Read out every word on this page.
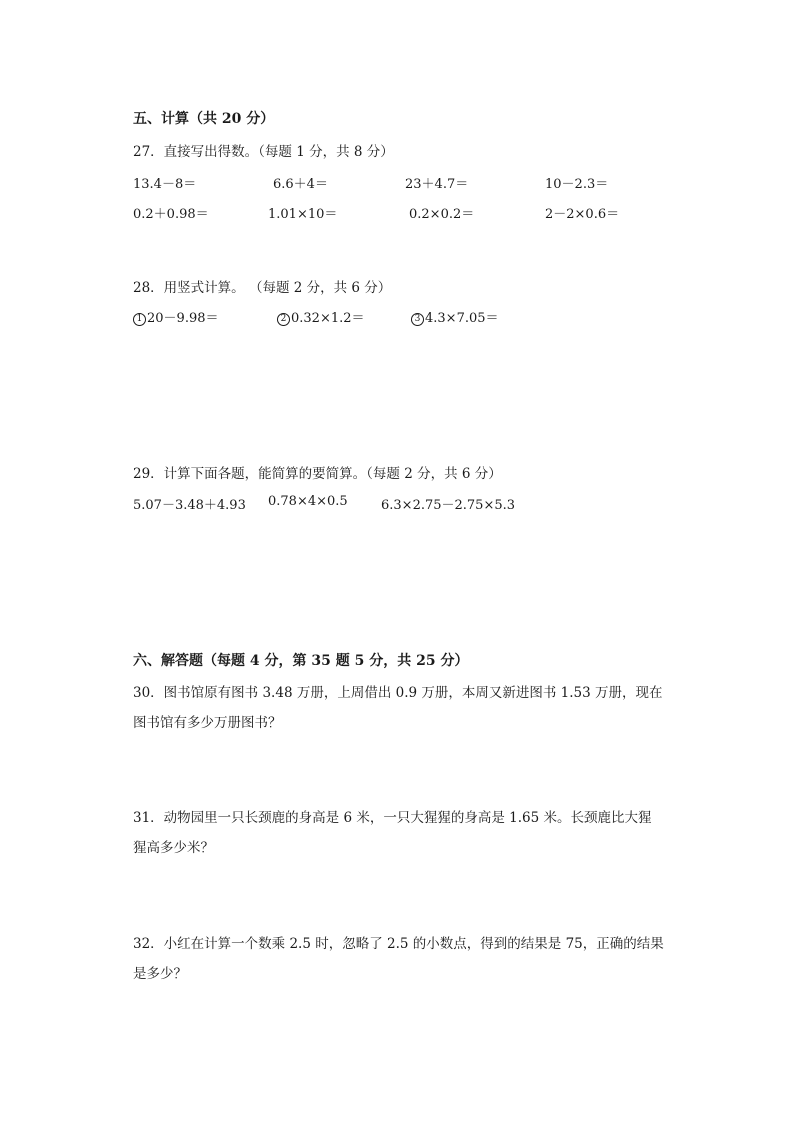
五、计算（共 20 分）
27．直接写出得数。（每题 1 分，共 8 分）
13.4－8＝	6.6＋4＝	23＋4.7＝	10－2.3＝
0.2＋0.98＝	1.01×10＝	0.2×0.2＝	2－2×0.6＝
28．用竖式计算。 （每题 2 分，共 6 分）
1 20－9.98＝	2 0.32×1.2＝	3 4.3×7.05＝
29．计算下面各题，能简算的要简算。（每题 2 分，共 6 分）
5.07－3.48＋4.93 0.78×4×0.5	6.3×2.75－2.75×5.3
六、解答题（每题 4 分，第 35 题 5 分，共 25 分）
30．图书馆原有图书 3.48 万册，上周借出 0.9 万册，本周又新进图书 1.53 万册，现在
图书馆有多少万册图书？
31．动物园里一只长颈鹿的身高是 6 米，一只大猩猩的身高是 1.65 米。长颈鹿比大猩
猩高多少米？
32．小红在计算一个数乘 2.5 时，忽略了 2.5 的小数点，得到的结果是 75，正确的结果
是多少？
